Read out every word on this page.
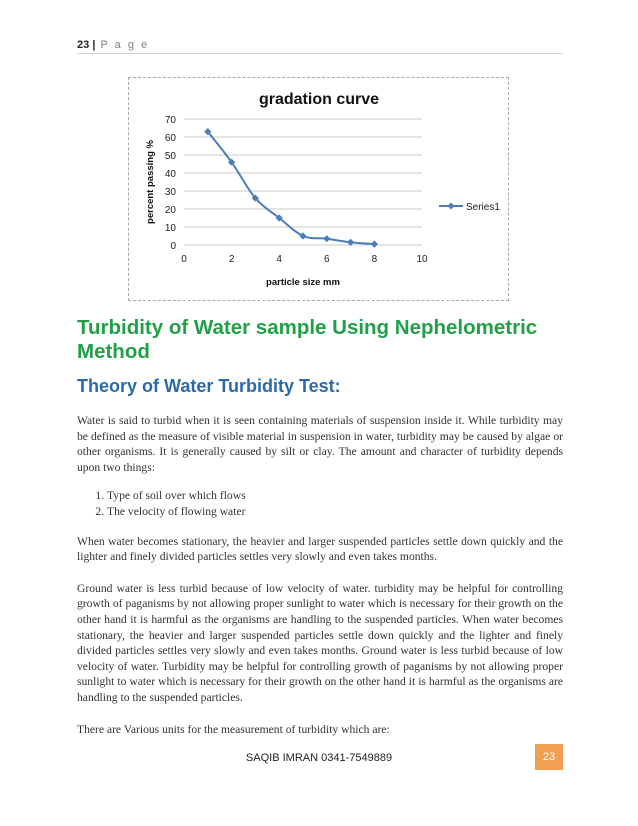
23 | P a g e
gradation curve
0
10
20
30
40
50
60
70
0	2	4	6	8	10
particle size mm
percent passing %	Series1
Turbidity of Water sample Using Nephelometric Method
Theory of Water Turbidity Test:

Water is said to turbid when it is seen containing materials of suspension inside it. While turbidity may be defined as the measure of visible material in suspension in water, turbidity may be caused by algae or other organisms. It is generally caused by silt or clay. The amount and character of turbidity depends upon two things:

1. Type of soil over which flows
2. The velocity of flowing water

When water becomes stationary, the heavier and larger suspended particles settle down quickly and the lighter and finely divided particles settles very slowly and even takes months.

Ground water is less turbid because of low velocity of water. turbidity may be helpful for controlling growth of paganisms by not allowing proper sunlight to water which is necessary for their growth on the other hand it is harmful as the organisms are handling to the suspended particles. When water becomes stationary, the heavier and larger suspended particles settle down quickly and the lighter and finely divided particles settles very slowly and even takes months. Ground water is less turbid because of low velocity of water. Turbidity may be helpful for controlling growth of paganisms by not allowing proper sunlight to water which is necessary for their growth on the other hand it is harmful as the organisms are handling to the suspended particles.

There are Various units for the measurement of turbidity which are:

SAQIB IMRAN 0341-7549889	23
